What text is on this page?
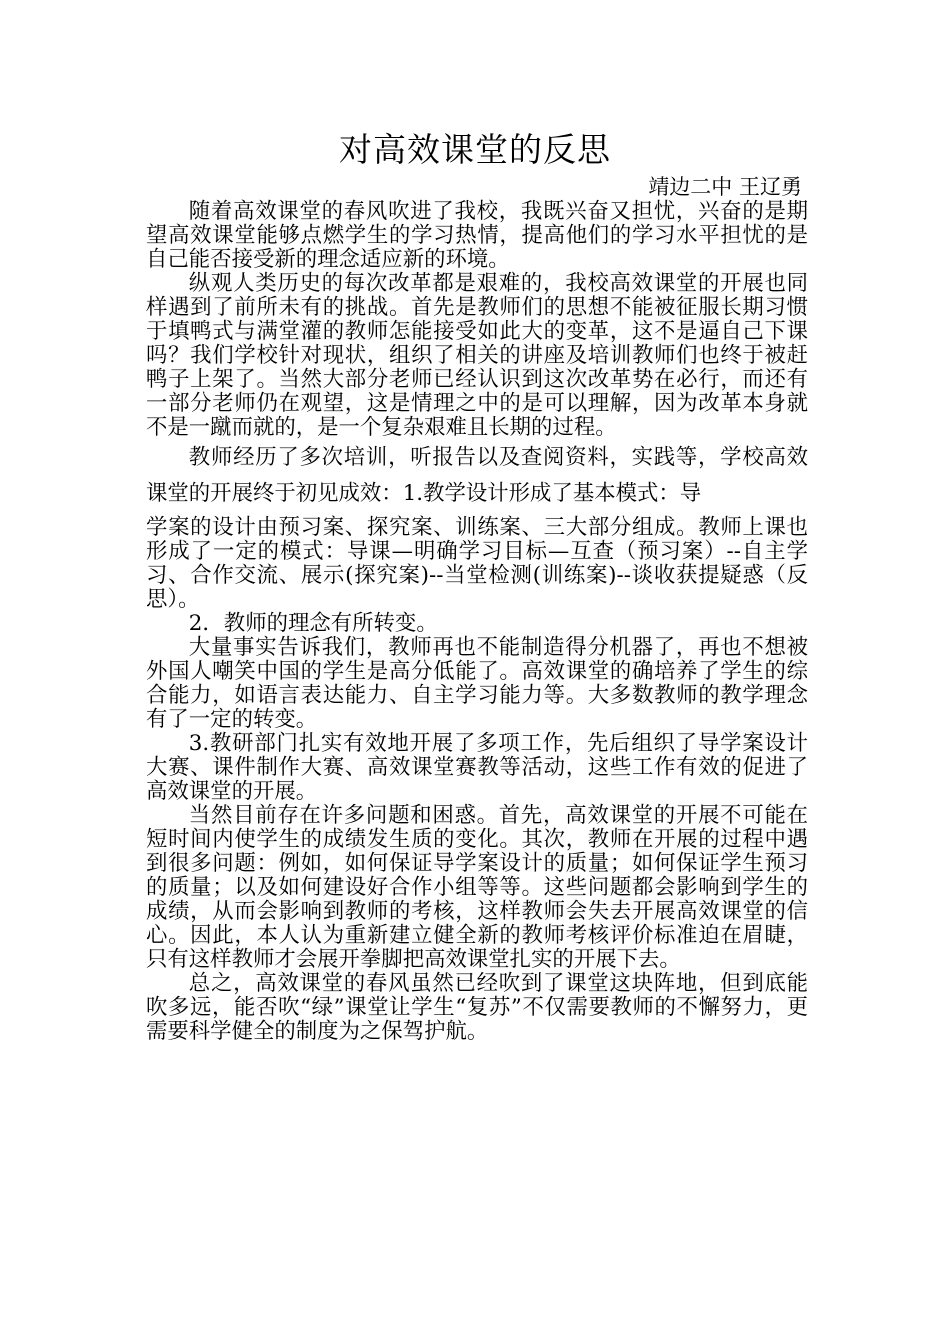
对高效课堂的反思
靖边二中 王辽勇

随着高效课堂的春风吹进了我校，我既兴奋又担忧，兴奋的是期望高效课堂能够点燃学生的学习热情，提高他们的学习水平担忧的是自己能否接受新的理念适应新的环境。

纵观人类历史的每次改革都是艰难的，我校高效课堂的开展也同样遇到了前所未有的挑战。首先是教师们的思想不能被征服长期习惯于填鸭式与满堂灌的教师怎能接受如此大的变革，这不是逼自己下课吗？我们学校针对现状，组织了相关的讲座及培训教师们也终于被赶鸭子上架了。当然大部分老师已经认识到这次改革势在必行，而还有一部分老师仍在观望，这是情理之中的是可以理解，因为改革本身就不是一蹴而就的，是一个复杂艰难且长期的过程。

教师经历了多次培训，听报告以及查阅资料，实践等，学校高效课堂的开展终于初见成效：1.教学设计形成了基本模式：导

学案的设计由预习案、探究案、训练案、三大部分组成。教师上课也形成了一定的模式：导课—明确学习目标—互查（预习案）--自主学习、合作交流、展示(探究案)--当堂检测(训练案)--谈收获提疑惑（反思）。

2．教师的理念有所转变。

大量事实告诉我们，教师再也不能制造得分机器了，再也不想被外国人嘲笑中国的学生是高分低能了。高效课堂的确培养了学生的综合能力，如语言表达能力、自主学习能力等。大多数教师的教学理念有了一定的转变。

3.教研部门扎实有效地开展了多项工作，先后组织了导学案设计大赛、课件制作大赛、高效课堂赛教等活动，这些工作有效的促进了高效课堂的开展。

当然目前存在许多问题和困惑。首先，高效课堂的开展不可能在短时间内使学生的成绩发生质的变化。其次，教师在开展的过程中遇到很多问题：例如，如何保证导学案设计的质量；如何保证学生预习的质量；以及如何建设好合作小组等等。这些问题都会影响到学生的成绩，从而会影响到教师的考核，这样教师会失去开展高效课堂的信心。因此，本人认为重新建立健全新的教师考核评价标准迫在眉睫，只有这样教师才会展开拳脚把高效课堂扎实的开展下去。

总之，高效课堂的春风虽然已经吹到了课堂这块阵地，但到底能吹多远，能否吹“绿”课堂让学生“复苏”不仅需要教师的不懈努力，更需要科学健全的制度为之保驾护航。
